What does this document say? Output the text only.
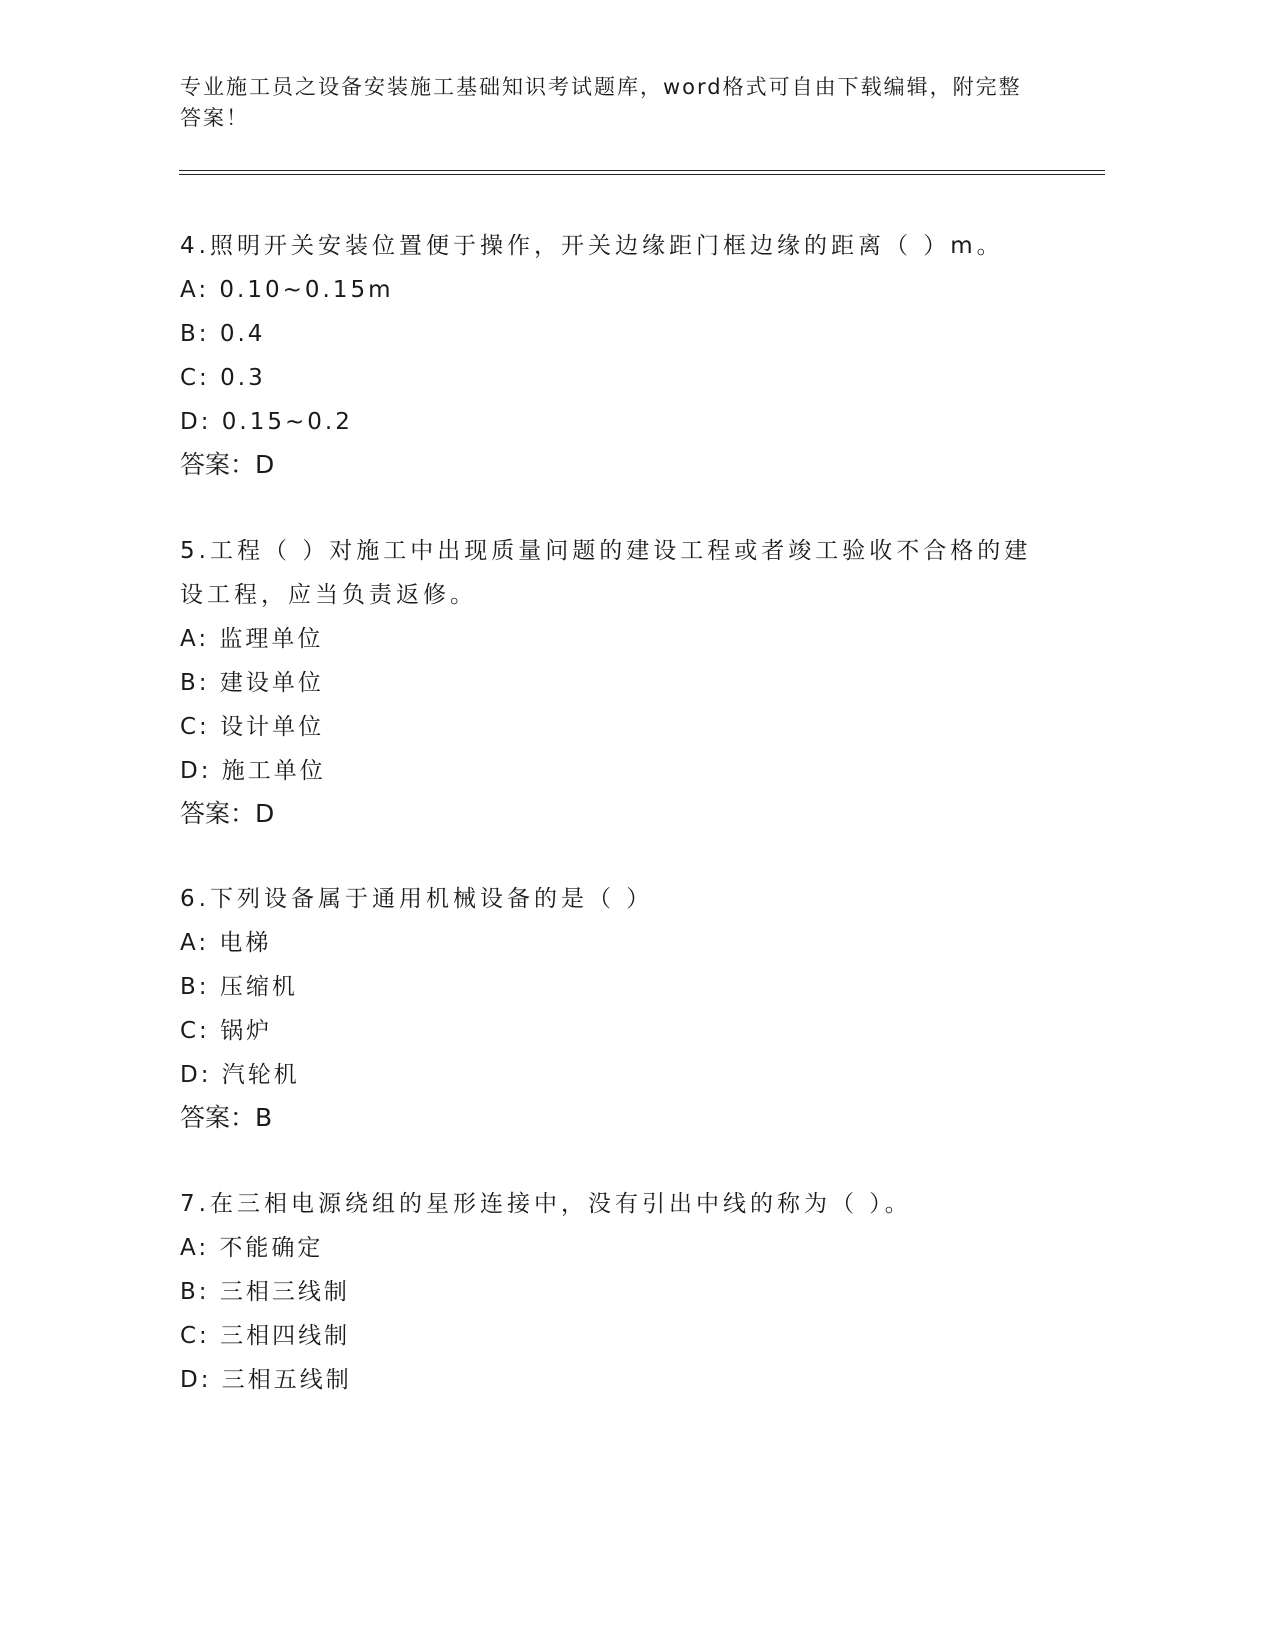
专业施工员之设备安装施工基础知识考试题库，word格式可自由下载编辑，附完整答案！

4.照明开关安装位置便于操作，开关边缘距门框边缘的距离（ ）m。

A: 0.10~0.15m
B: 0.4
C: 0.3
D: 0.15~0.2
答案：D

5.工程（ ）对施工中出现质量问题的建设工程或者竣工验收不合格的建设工程，应当负责返修。

A: 监理单位
B: 建设单位
C: 设计单位
D: 施工单位
答案：D

6.下列设备属于通用机械设备的是（ ）

A: 电梯
B: 压缩机
C: 锅炉
D: 汽轮机
答案：B

7.在三相电源绕组的星形连接中，没有引出中线的称为（ ）。

A: 不能确定
B: 三相三线制
C: 三相四线制
D: 三相五线制
